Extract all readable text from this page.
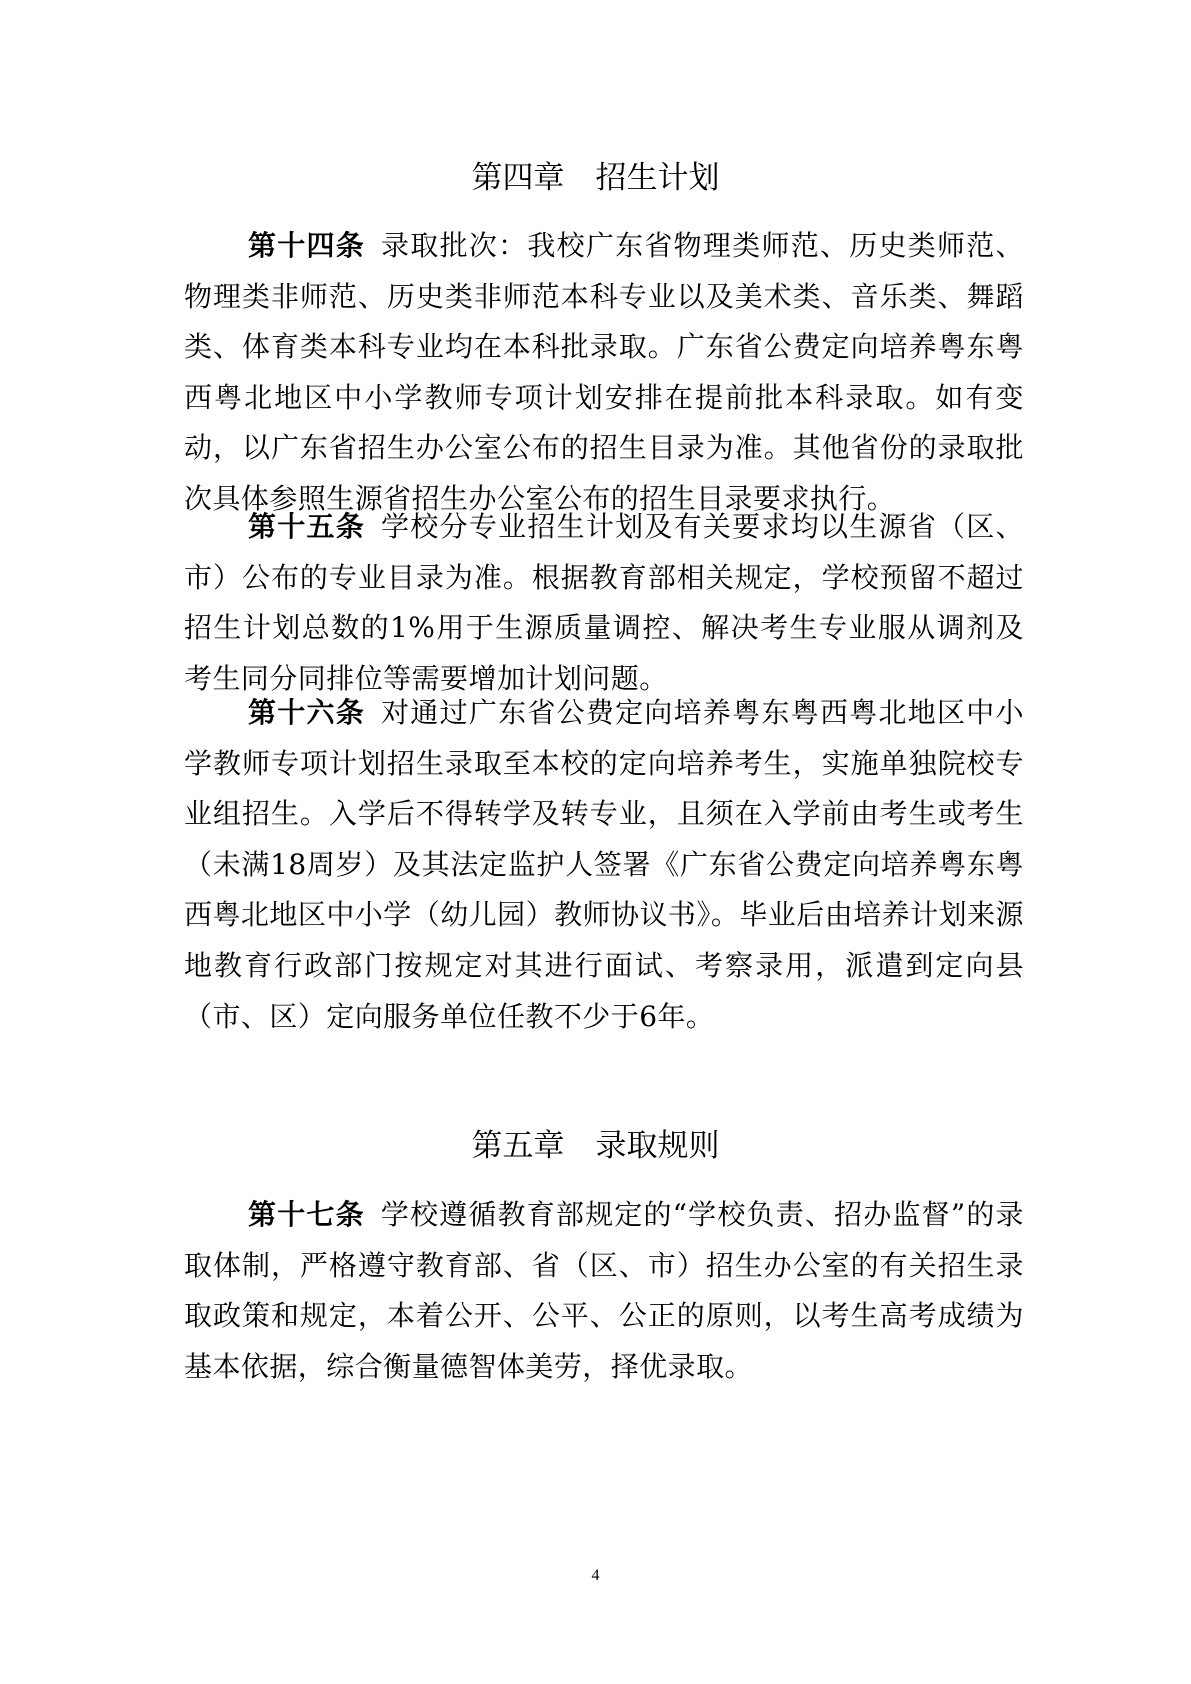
第四章　招生计划

第十四条 录取批次：我校广东省物理类师范、历史类师范、物理类非师范、历史类非师范本科专业以及美术类、音乐类、舞蹈类、体育类本科专业均在本科批录取。广东省公费定向培养粤东粤西粤北地区中小学教师专项计划安排在提前批本科录取。如有变动，以广东省招生办公室公布的招生目录为准。其他省份的录取批次具体参照生源省招生办公室公布的招生目录要求执行。

第十五条 学校分专业招生计划及有关要求均以生源省（区、市）公布的专业目录为准。根据教育部相关规定，学校预留不超过招生计划总数的1%用于生源质量调控、解决考生专业服从调剂及考生同分同排位等需要增加计划问题。

第十六条 对通过广东省公费定向培养粤东粤西粤北地区中小学教师专项计划招生录取至本校的定向培养考生，实施单独院校专业组招生。入学后不得转学及转专业，且须在入学前由考生或考生（未满18周岁）及其法定监护人签署《广东省公费定向培养粤东粤西粤北地区中小学（幼儿园）教师协议书》。毕业后由培养计划来源地教育行政部门按规定对其进行面试、考察录用，派遣到定向县（市、区）定向服务单位任教不少于6年。

第五章　录取规则

第十七条 学校遵循教育部规定的“学校负责、招办监督”的录取体制，严格遵守教育部、省（区、市）招生办公室的有关招生录取政策和规定，本着公开、公平、公正的原则，以考生高考成绩为基本依据，综合衡量德智体美劳，择优录取。

4
